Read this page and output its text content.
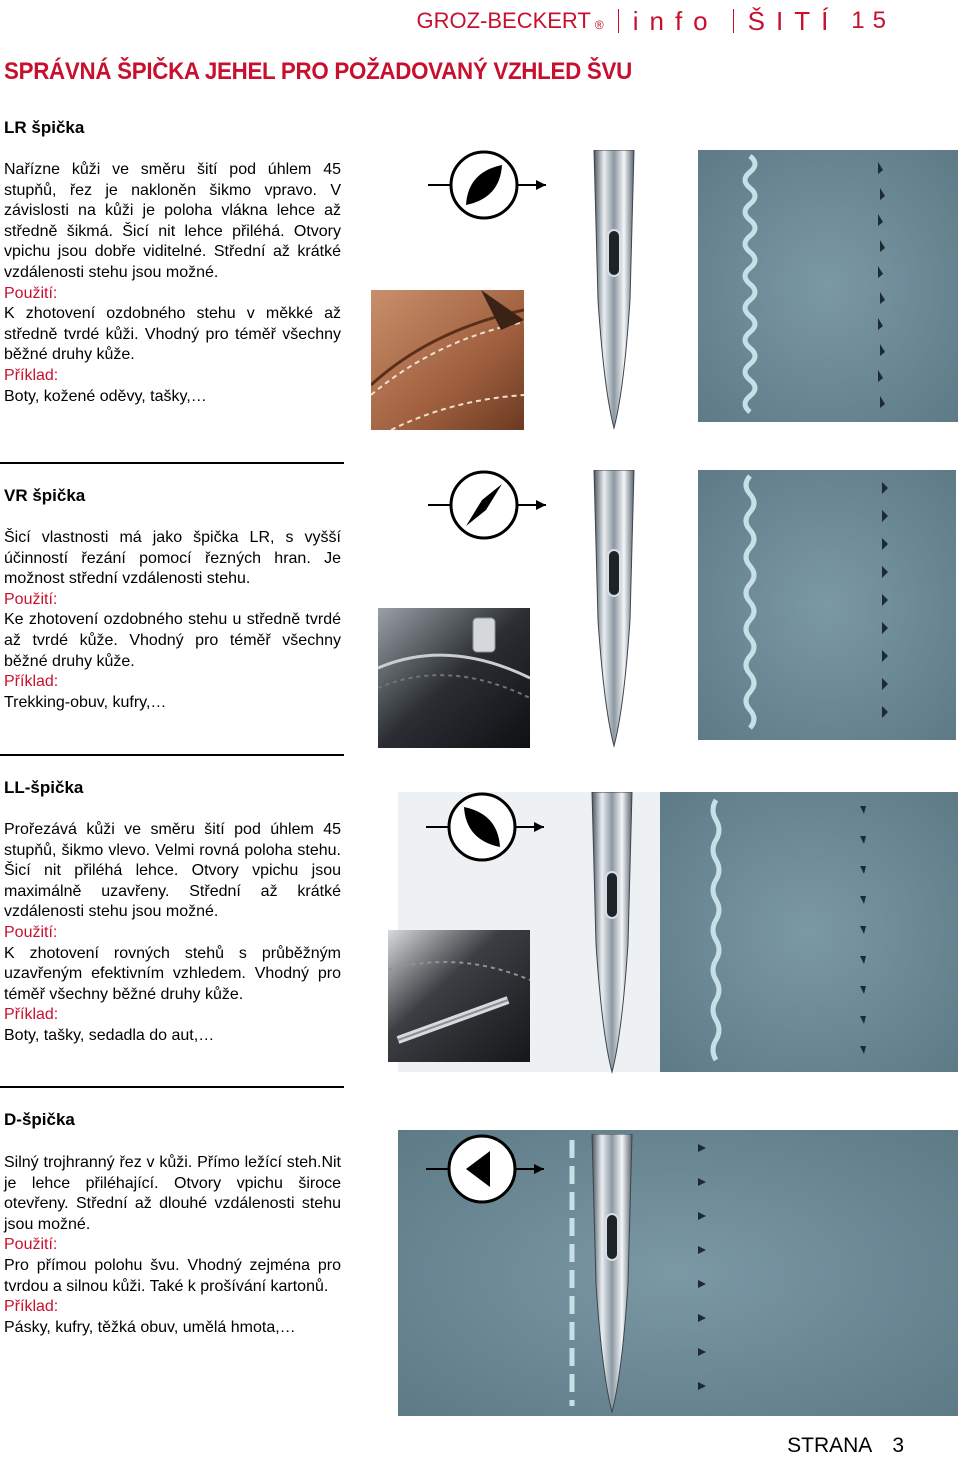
GROZ-BECKERT ® info ŠITÍ 15
SPRÁVNÁ ŠPIČKA JEHEL PRO POŽADOVANÝ VZHLED ŠVU
LR špička

Nařízne kůži ve směru šití pod úhlem 45 stupňů, řez je nakloněn šikmo vpravo. V závislosti na kůži je poloha vlákna lehce až středně šikmá. Šicí nit lehce přiléhá. Otvory vpichu jsou dobře viditelné. Střední až krátké vzdálenosti stehu jsou možné.

Použití:

K zhotovení ozdobného stehu v měkké až středně tvrdé kůži. Vhodný pro téměř všechny běžné druhy kůže.

Příklad:

Boty, kožené oděvy, tašky,…

VR špička

Šicí vlastnosti má jako špička LR, s vyšší účinností řezání pomocí řezných hran. Je možnost střední vzdálenosti stehu.

Použití:

Ke zhotovení ozdobného stehu u středně tvrdé až tvrdé kůže. Vhodný pro téměř všechny běžné druhy kůže.

Příklad:

Trekking-obuv, kufry,…

LL-špička

Prořezává kůži ve směru šití pod úhlem 45 stupňů, šikmo vlevo. Velmi rovná poloha stehu. Šicí nit přiléhá lehce. Otvory vpichu jsou maximálně uzavřeny. Střední až krátké vzdálenosti stehu jsou možné.

Použití:

K zhotovení rovných stehů s průběžným uzavřeným efektivním vzhledem. Vhodný pro téměř všechny běžné druhy kůže.

Příklad:

Boty, tašky, sedadla do aut,…

D-špička

Silný trojhranný řez v kůži. Přímo ležící steh.Nit je lehce přiléhající. Otvory vpichu široce otevřeny. Střední až dlouhé vzdálenosti stehu jsou možné.

Použití:

Pro přímou polohu švu. Vhodný zejména pro tvrdou a silnou kůži. Také k prošívání kartonů.

Příklad:

Pásky, kufry, těžká obuv, umělá hmota,…

STRANA 3
